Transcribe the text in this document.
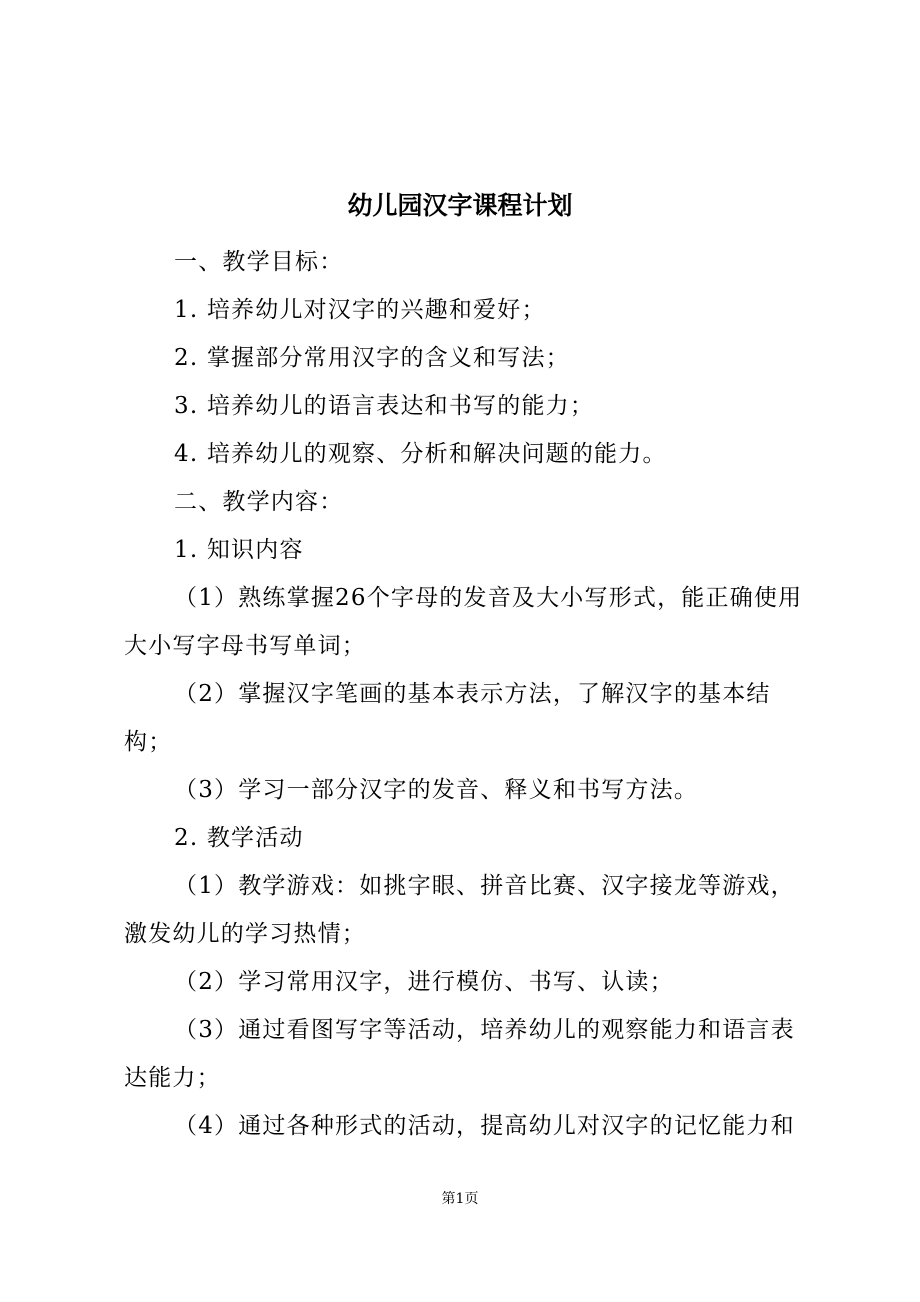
幼儿园汉字课程计划

一、教学目标：

1. 培养幼儿对汉字的兴趣和爱好；

2. 掌握部分常用汉字的含义和写法；

3. 培养幼儿的语言表达和书写的能力；

4. 培养幼儿的观察、分析和解决问题的能力。

二、教学内容：

1. 知识内容

（1）熟练掌握26个字母的发音及大小写形式，能正确使用

大小写字母书写单词；

（2）掌握汉字笔画的基本表示方法，了解汉字的基本结

构；

（3）学习一部分汉字的发音、释义和书写方法。

2. 教学活动

（1）教学游戏：如挑字眼、拼音比赛、汉字接龙等游戏，

激发幼儿的学习热情；

（2）学习常用汉字，进行模仿、书写、认读；

（3）通过看图写字等活动，培养幼儿的观察能力和语言表

达能力；

（4）通过各种形式的活动，提高幼儿对汉字的记忆能力和

第1页
